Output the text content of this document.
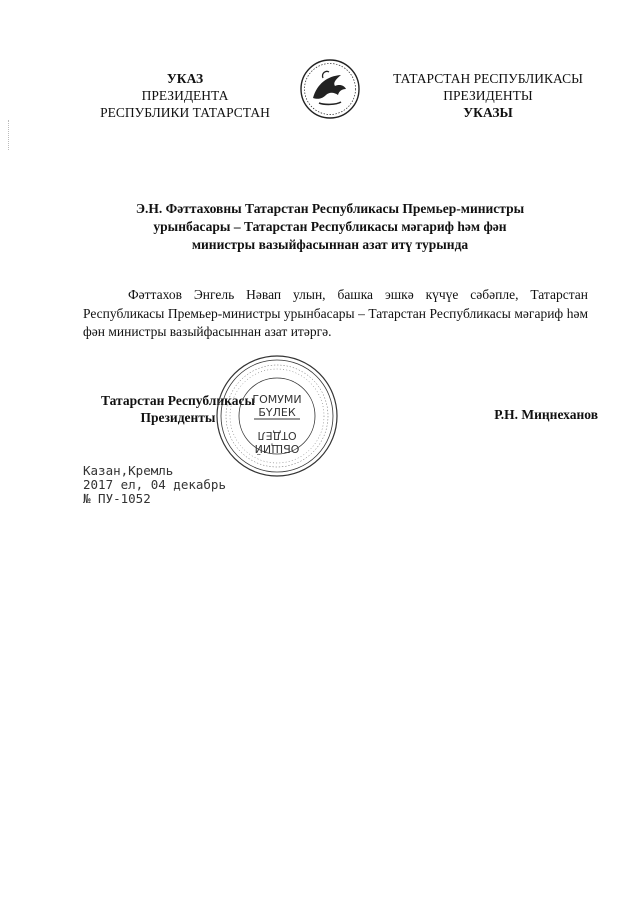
УКАЗ
ПРЕЗИДЕНТА
РЕСПУБЛИКИ ТАТАРСТАН
ТАТАРСТАН РЕСПУБЛИКАСЫ
ПРЕЗИДЕНТЫ
УКАЗЫ
Э.Н. Фәттаховны Татарстан Республикасы Премьер-министры
урынбасары – Татарстан Республикасы мәгариф һәм фән
министры вазыйфасыннан азат итү турында
Фәттахов Энгель Нәвап улын, башка эшкә күчүе сәбәпле, Татарстан Республикасы Премьер-министры урынбасары – Татарстан Республикасы мәгариф һәм фән министры вазыйфасыннан азат итәргә.
Татарстан Республикасы
Президенты
ГОМУМИ
БҮЛЕК
ОТДЕЛ
ОБЩИЙ
Р.Н. Миңнеханов
Казан,Кремль
2017 ел, 04 декабрь
№ ПУ-1052
